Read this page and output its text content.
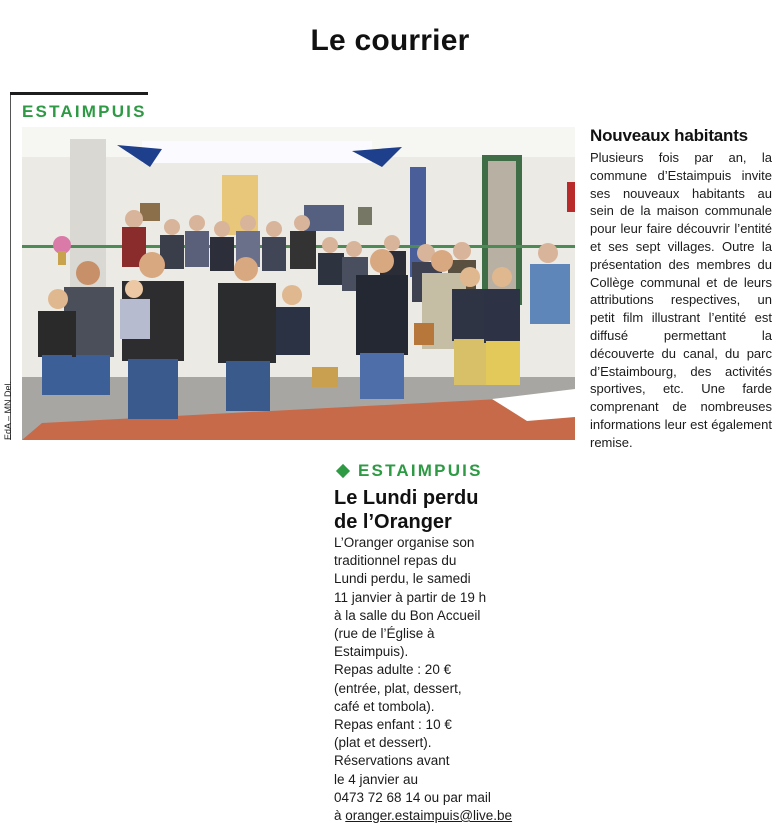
Le courrier
ESTAIMPUIS
EdA – MN Del.
Nouveaux habitants
Plusieurs fois par an, la commune d’Estaimpuis invite ses nouveaux habitants au sein de la maison communale pour leur faire découvrir l’entité et ses sept villages. Outre la présentation des membres du Collège communal et de leurs attributions respectives, un petit film illustrant l’entité est diffusé permettant la découverte du canal, du parc d’Estaimbourg, des activités sportives, etc. Une farde comprenant de nombreuses informations leur est également remise.
ESTAIMPUIS
Le Lundi perdu
de l’Oranger
L’Oranger organise son
traditionnel repas du
Lundi perdu, le samedi
11 janvier à partir de 19 h
à la salle du Bon Accueil
(rue de l’Église à
Estaimpuis).
Repas adulte : 20 €
(entrée, plat, dessert,
café et tombola).
Repas enfant : 10 €
(plat et dessert).
Réservations avant
le 4 janvier au
0473 72 68 14 ou par mail
à oranger.estaimpuis@live.be
